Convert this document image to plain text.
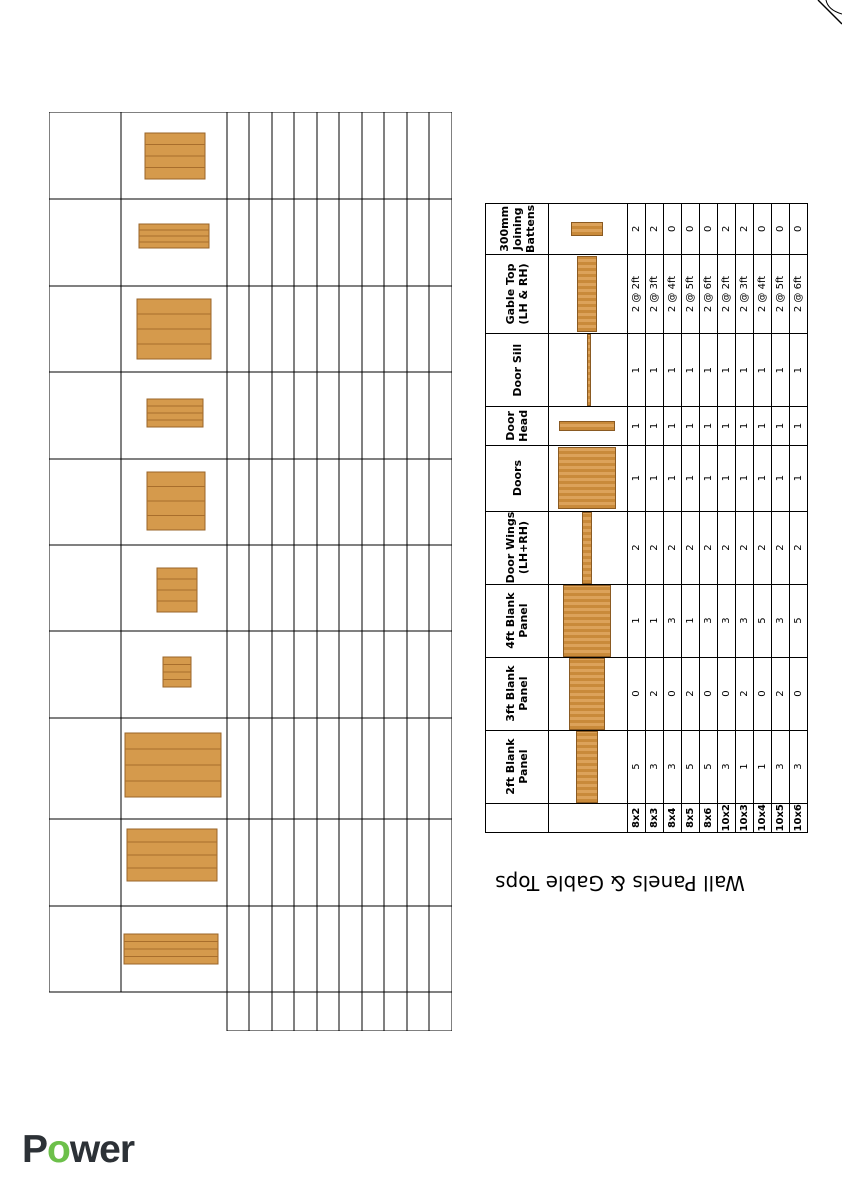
	2ft Blank Panel	3ft Blank Panel	4ft Blank Panel	Door Wings (LH+RH)	Doors	Door Head	Door Sill	Gable Top (LH & RH)	300mm Joining Battens

8x2	5	0	1	2	1	1	1	2 @ 2ft	2
8x3	3	2	1	2	1	1	1	2 @ 3ft	2
8x4	3	0	3	2	1	1	1	2 @ 4ft	0
8x5	5	2	1	2	1	1	1	2 @ 5ft	0
8x6	5	0	3	2	1	1	1	2 @ 6ft	0
10x2	3	0	3	2	1	1	1	2 @ 2ft	2
10x3	1	2	3	2	1	1	1	2 @ 3ft	2
10x4	1	0	5	2	1	1	1	2 @ 4ft	0
10x5	3	2	3	2	1	1	1	2 @ 5ft	0
10x6	3	0	5	2	1	1	1	2 @ 6ft	0
Wall Panels & Gable Tops
Power
